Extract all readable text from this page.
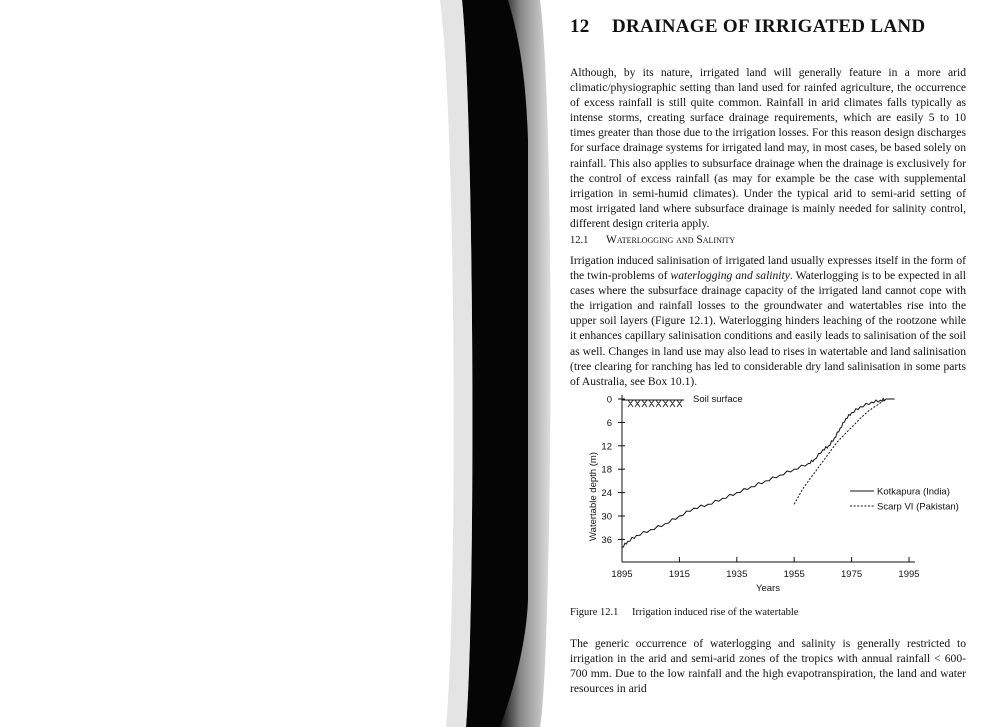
12 DRAINAGE OF IRRIGATED LAND

Although, by its nature, irrigated land will generally feature in a more arid climatic/physiographic setting than land used for rainfed agriculture, the occurrence of excess rainfall is still quite common. Rainfall in arid climates falls typically as intense storms, creating surface drainage requirements, which are easily 5 to 10 times greater than those due to the irrigation losses. For this reason design discharges for surface drainage systems for irrigated land may, in most cases, be based solely on rainfall. This also applies to subsurface drainage when the drainage is exclusively for the control of excess rainfall (as may for example be the case with supplemental irrigation in semi-humid climates). Under the typical arid to semi-arid setting of most irrigated land where subsurface drainage is mainly needed for salinity control, different design criteria apply.

12.1 Waterlogging and Salinity

Irrigation induced salinisation of irrigated land usually expresses itself in the form of the twin-problems of waterlogging and salinity. Waterlogging is to be expected in all cases where the subsurface drainage capacity of the irrigated land cannot cope with the irrigation and rainfall losses to the groundwater and watertables rise into the upper soil layers (Figure 12.1). Waterlogging hinders leaching of the rootzone while it enhances capillary salinisation conditions and easily leads to salinisation of the soil as well. Changes in land use may also lead to rises in watertable and land salinisation (tree clearing for ranching has led to considerable dry land salinisation in some parts of Australia, see Box 10.1).

0
6
12
18
24
30
36
1895	1915	1935	1955	1975	1995
Years
Watertable depth (m)
Soil surface
Kotkapura (India)
Scarp VI (Pakistan)
Figure 12.1 Irrigation induced rise of the watertable

The generic occurrence of waterlogging and salinity is generally restricted to irrigation in the arid and semi-arid zones of the tropics with annual rainfall < 600-700 mm. Due to the low rainfall and the high evapotranspiration, the land and water resources in arid
